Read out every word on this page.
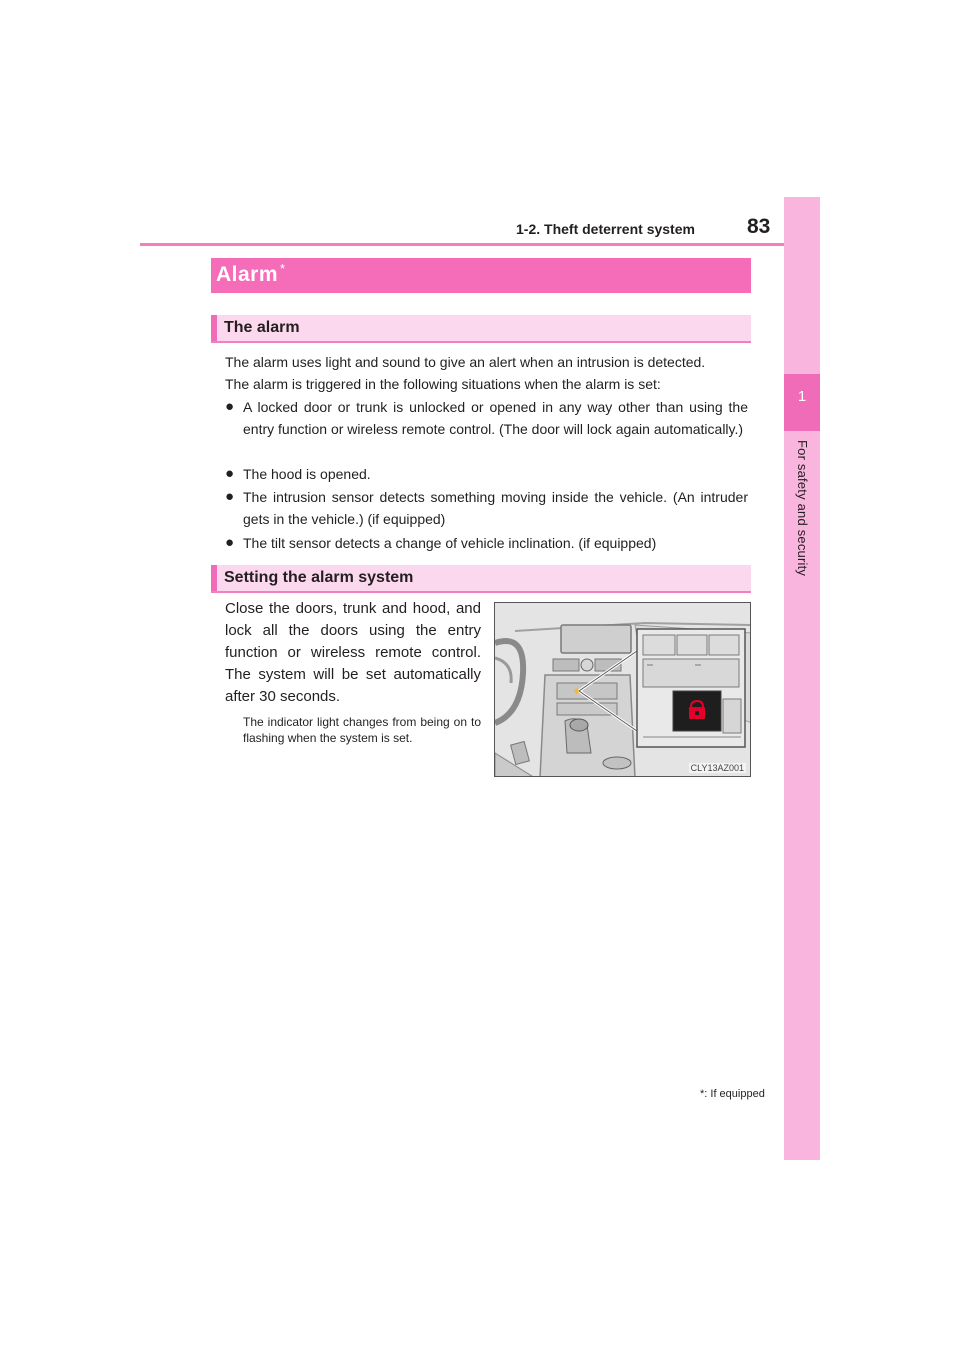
1-2. Theft deterrent system 83
1
For safety and security
Alarm *
The alarm
The alarm uses light and sound to give an alert when an intrusion is detected.
The alarm is triggered in the following situations when the alarm is set:
● A locked door or trunk is unlocked or opened in any way other than using the entry function or wireless remote control. (The door will lock again automatically.)
● The hood is opened.
● The intrusion sensor detects something moving inside the vehicle. (An intruder gets in the vehicle.) (if equipped)
● The tilt sensor detects a change of vehicle inclination. (if equipped)
Setting the alarm system
Close the doors, trunk and hood, and lock all the doors using the entry function or wireless remote control. The system will be set automatically after 30 seconds.
The indicator light changes from being on to flashing when the system is set.
CLY13AZ001
*: If equipped
